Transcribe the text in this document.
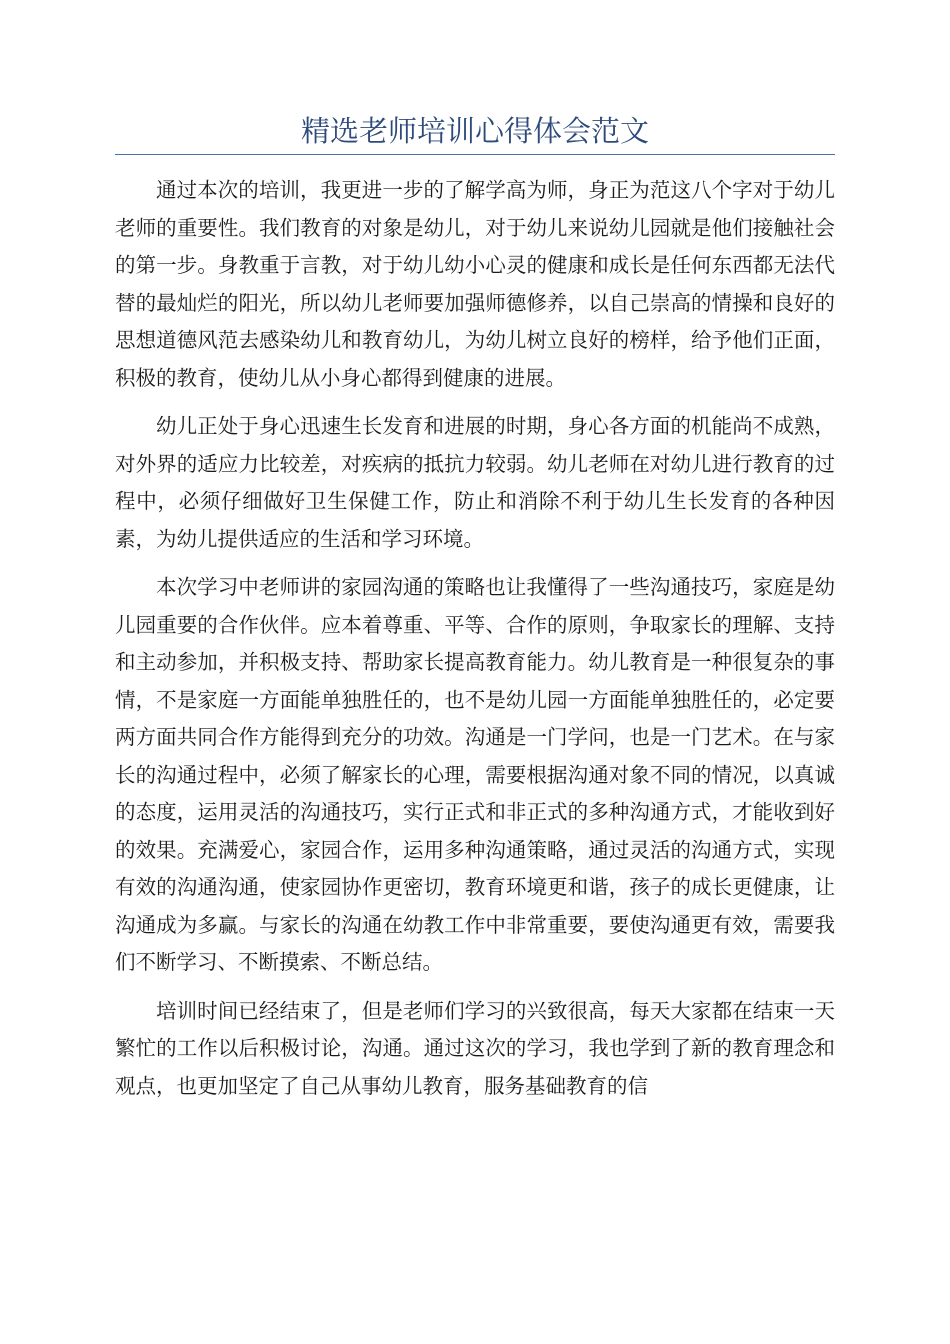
精选老师培训心得体会范文

通过本次的培训，我更进一步的了解学高为师，身正为范这八个字对于幼儿老师的重要性。我们教育的对象是幼儿，对于幼儿来说幼儿园就是他们接触社会的第一步。身教重于言教，对于幼儿幼小心灵的健康和成长是任何东西都无法代替的最灿烂的阳光，所以幼儿老师要加强师德修养，以自己崇高的情操和良好的思想道德风范去感染幼儿和教育幼儿，为幼儿树立良好的榜样，给予他们正面，积极的教育，使幼儿从小身心都得到健康的进展。

幼儿正处于身心迅速生长发育和进展的时期，身心各方面的机能尚不成熟，对外界的适应力比较差，对疾病的抵抗力较弱。幼儿老师在对幼儿进行教育的过程中，必须仔细做好卫生保健工作，防止和消除不利于幼儿生长发育的各种因素，为幼儿提供适应的生活和学习环境。

本次学习中老师讲的家园沟通的策略也让我懂得了一些沟通技巧，家庭是幼儿园重要的合作伙伴。应本着尊重、平等、合作的原则，争取家长的理解、支持和主动参加，并积极支持、帮助家长提高教育能力。幼儿教育是一种很复杂的事情，不是家庭一方面能单独胜任的，也不是幼儿园一方面能单独胜任的，必定要两方面共同合作方能得到充分的功效。沟通是一门学问，也是一门艺术。在与家长的沟通过程中，必须了解家长的心理，需要根据沟通对象不同的情况，以真诚的态度，运用灵活的沟通技巧，实行正式和非正式的多种沟通方式，才能收到好的效果。充满爱心，家园合作，运用多种沟通策略，通过灵活的沟通方式，实现有效的沟通沟通，使家园协作更密切，教育环境更和谐，孩子的成长更健康，让沟通成为多赢。与家长的沟通在幼教工作中非常重要，要使沟通更有效，需要我们不断学习、不断摸索、不断总结。

培训时间已经结束了，但是老师们学习的兴致很高，每天大家都在结束一天繁忙的工作以后积极讨论，沟通。通过这次的学习，我也学到了新的教育理念和观点，也更加坚定了自己从事幼儿教育，服务基础教育的信
